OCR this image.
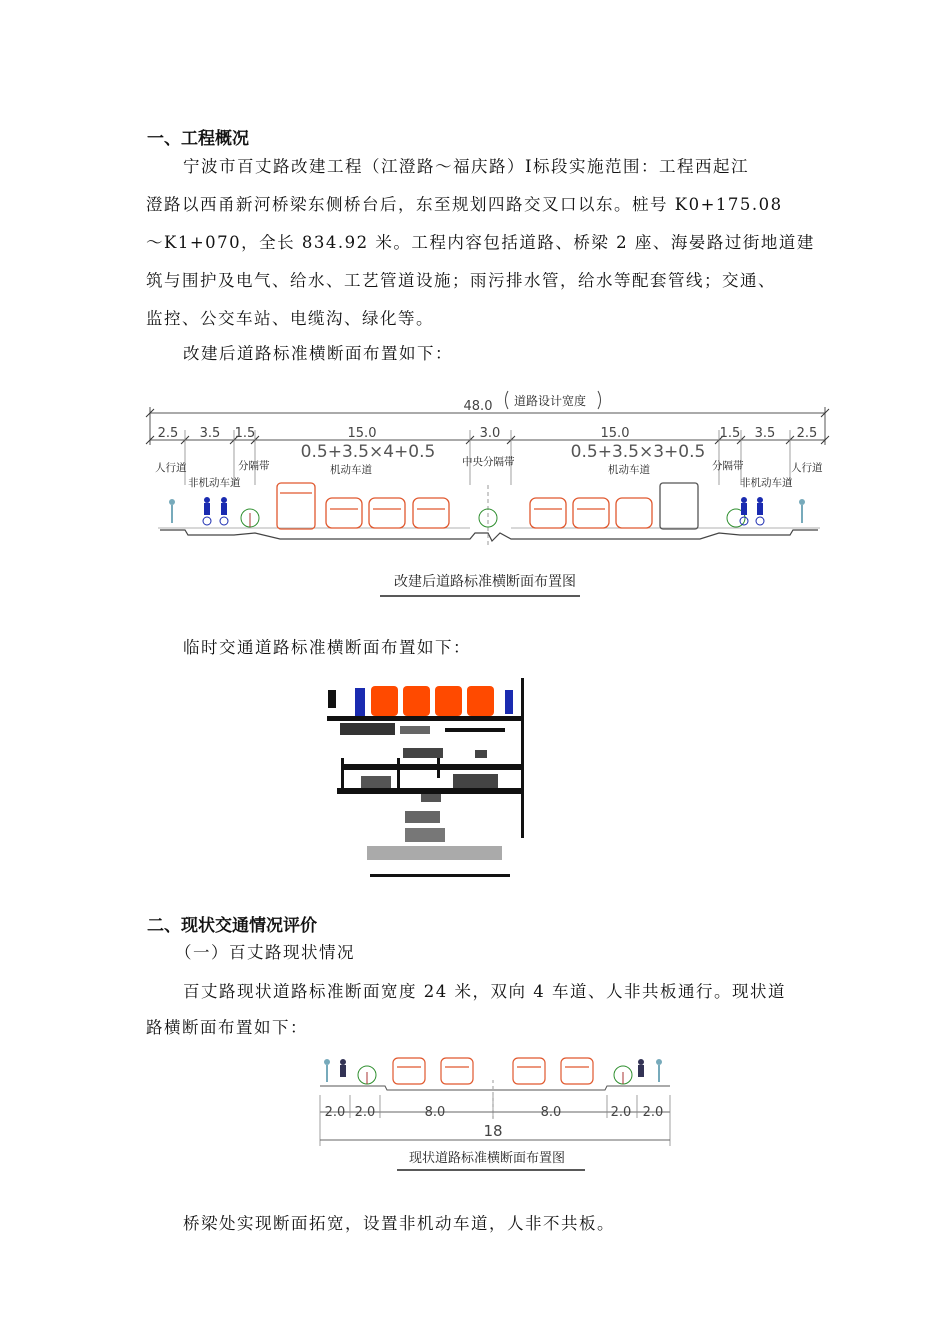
一、工程概况
宁波市百丈路改建工程（江澄路～福庆路）Ⅰ标段实施范围：工程西起江
澄路以西甬新河桥梁东侧桥台后，东至规划四路交叉口以东。桩号 K0+175.08
～K1+070，全长 834.92 米。工程内容包括道路、桥梁 2 座、海晏路过街地道建
筑与围护及电气、给水、工艺管道设施；雨污排水管，给水等配套管线；交通、
监控、公交车站、电缆沟、绿化等。
改建后道路标准横断面布置如下：
48.0 道路设计宽度
2.5 3.5 1.5	15.0	3.0	15.0	1.5 3.5 2.5
0.5+3.5×4+0.5	0.5+3.5×3+0.5
人行道
非机动车道
分隔带	机动车道
中央分隔带
机动车道	分隔带
非机动车道
人行道
改建后道路标准横断面布置图
临时交通道路标准横断面布置如下：
二、现状交通情况评价
（一）百丈路现状情况
百丈路现状道路标准断面宽度 24 米，双向 4 车道、人非共板通行。现状道
路横断面布置如下：
2.0 2.0	8.0	8.0	2.0 2.0
18
现状道路标准横断面布置图
桥梁处实现断面拓宽，设置非机动车道，人非不共板。
